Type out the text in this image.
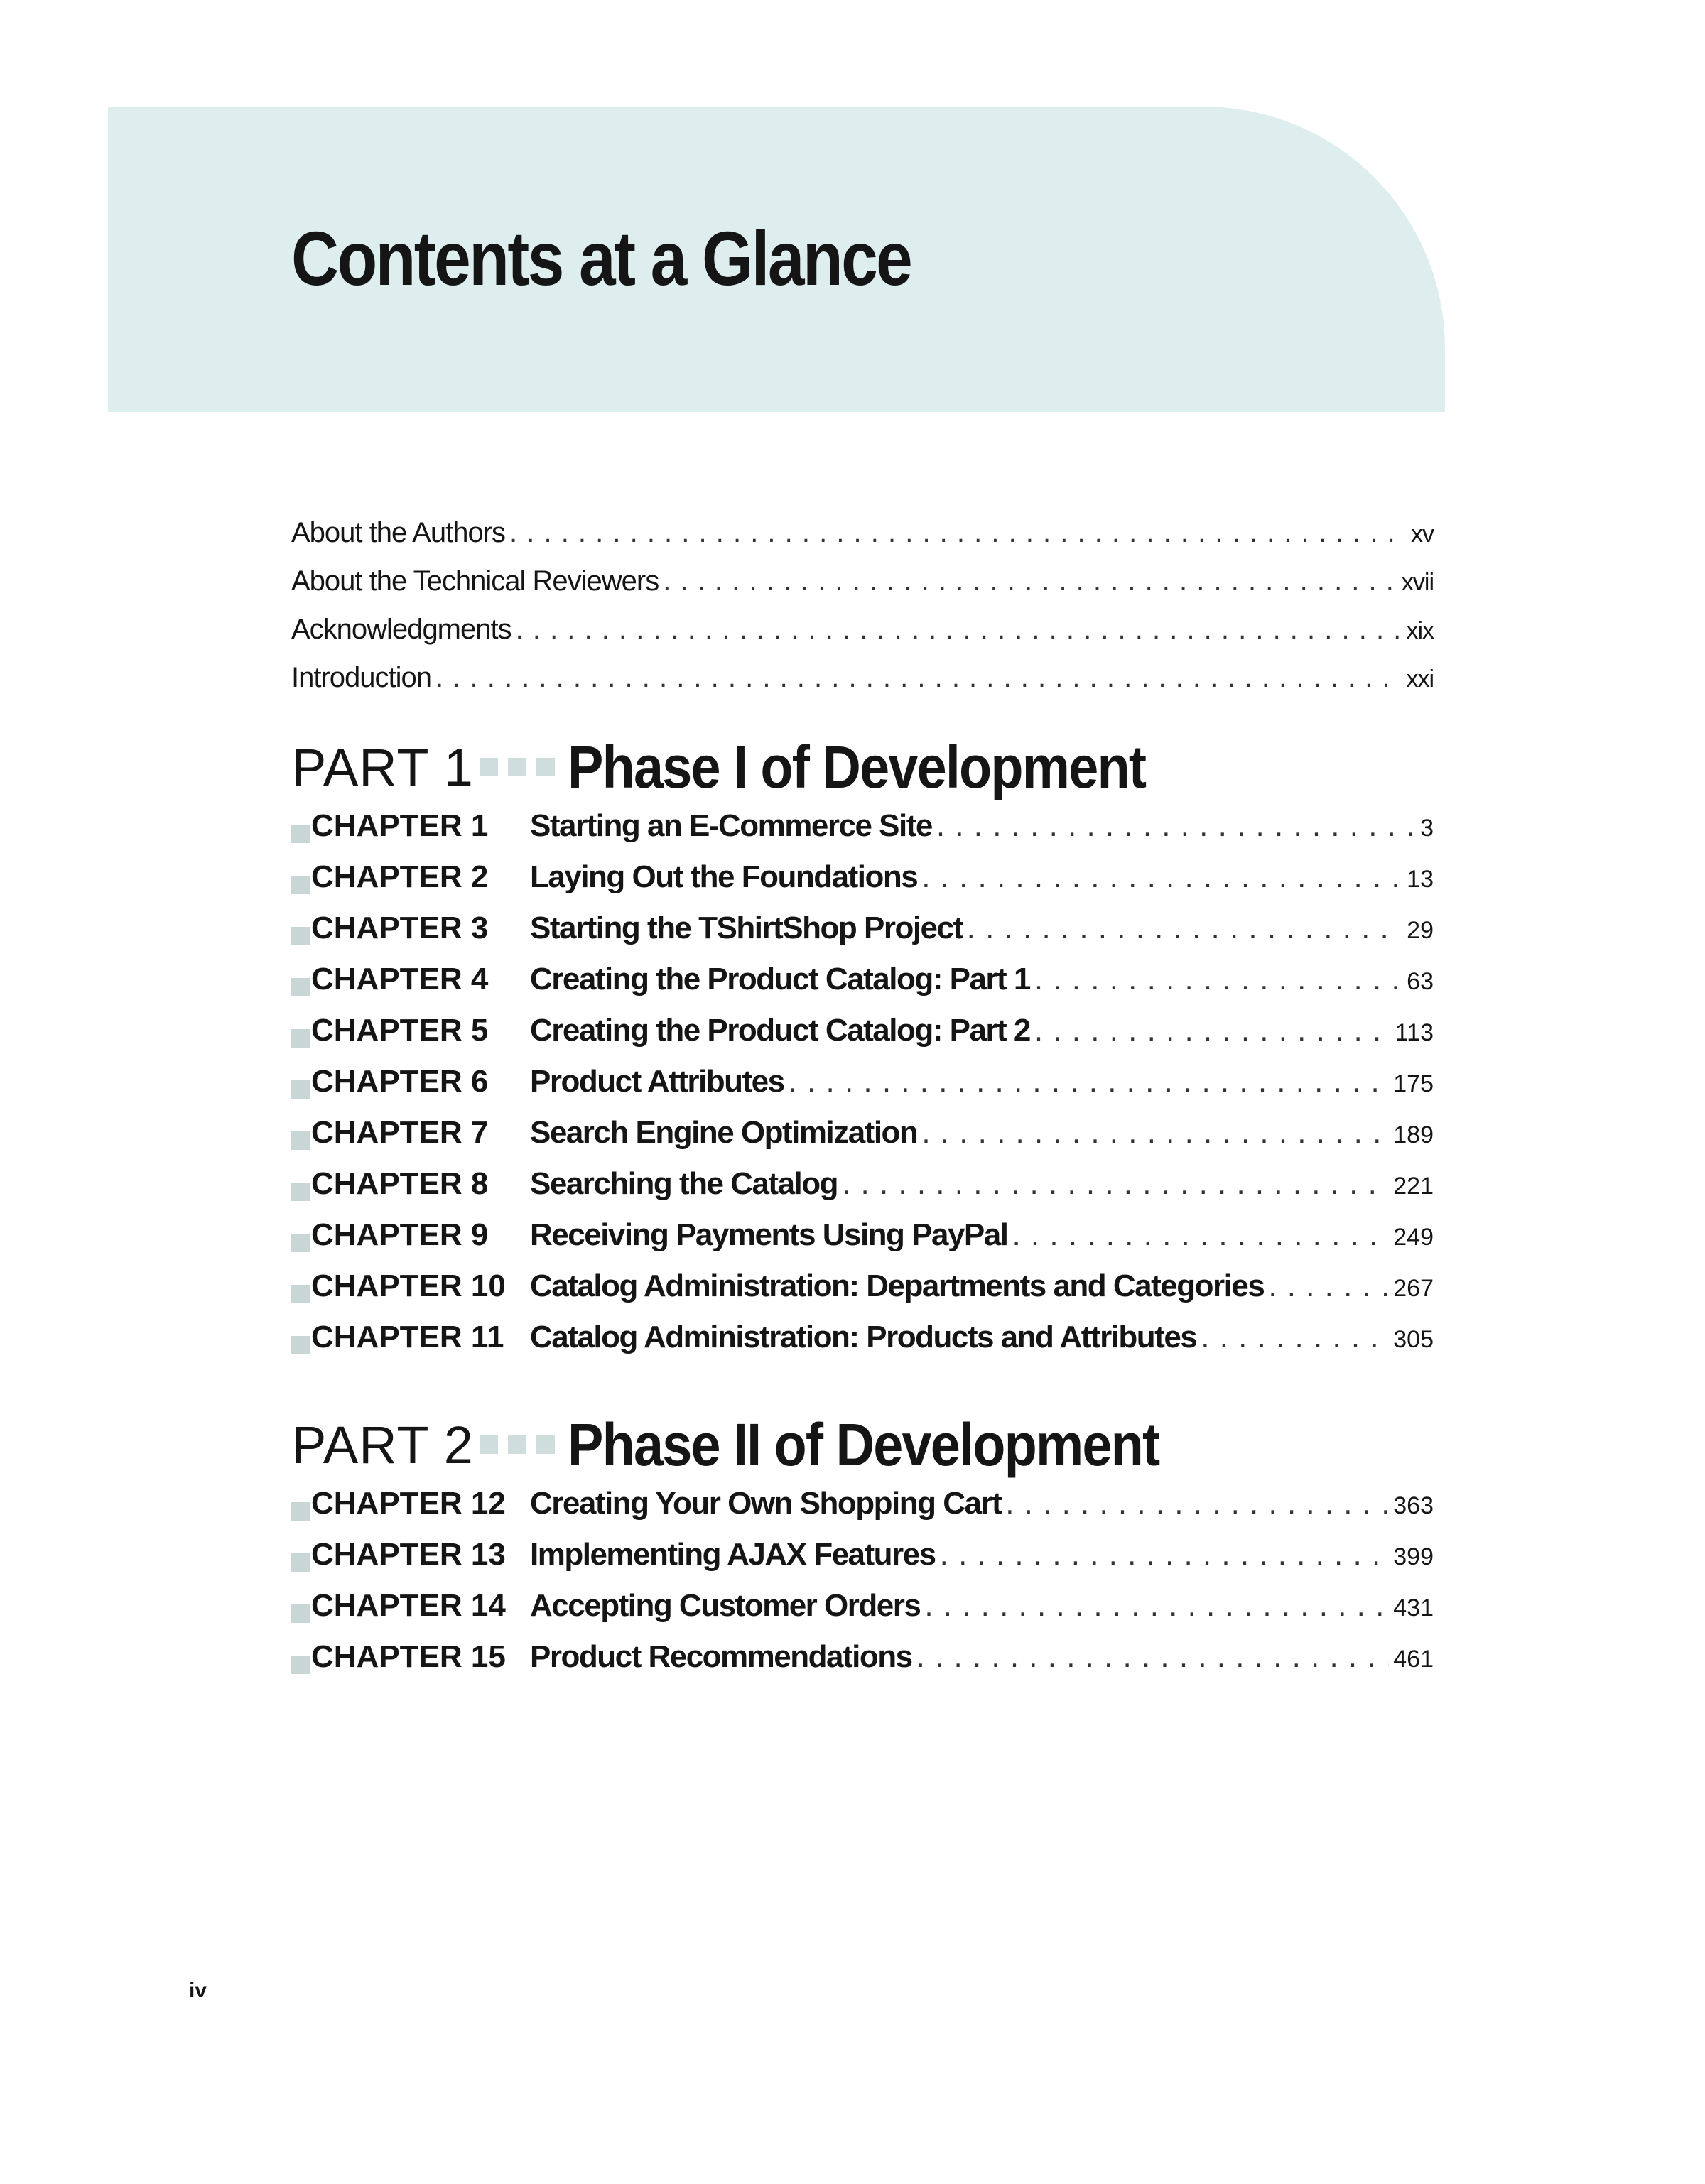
Contents at a Glance
About the Authors . . .	xv
About the Technical Reviewers . . .	xvii
Acknowledgments . . .	xix
Introduction . . .	xxi
PART 1 Phase I of Development
CHAPTER 1	Starting an E-Commerce Site . . .	3
CHAPTER 2	Laying Out the Foundations . . .	13
CHAPTER 3	Starting the TShirtShop Project . . .	29
CHAPTER 4	Creating the Product Catalog: Part 1 . . .	63
CHAPTER 5	Creating the Product Catalog: Part 2 . . .	113
CHAPTER 6	Product Attributes . . .	175
CHAPTER 7	Search Engine Optimization . . .	189
CHAPTER 8	Searching the Catalog . . .	221
CHAPTER 9	Receiving Payments Using PayPal . . .	249
CHAPTER 10 Catalog Administration: Departments and Categories . . .	267
CHAPTER 11 Catalog Administration: Products and Attributes . . .	305
PART 2 Phase II of Development
CHAPTER 12 Creating Your Own Shopping Cart . . .	363
CHAPTER 13 Implementing AJAX Features . . .	399
CHAPTER 14 Accepting Customer Orders . . .	431
CHAPTER 15 Product Recommendations . . .	461
iv
